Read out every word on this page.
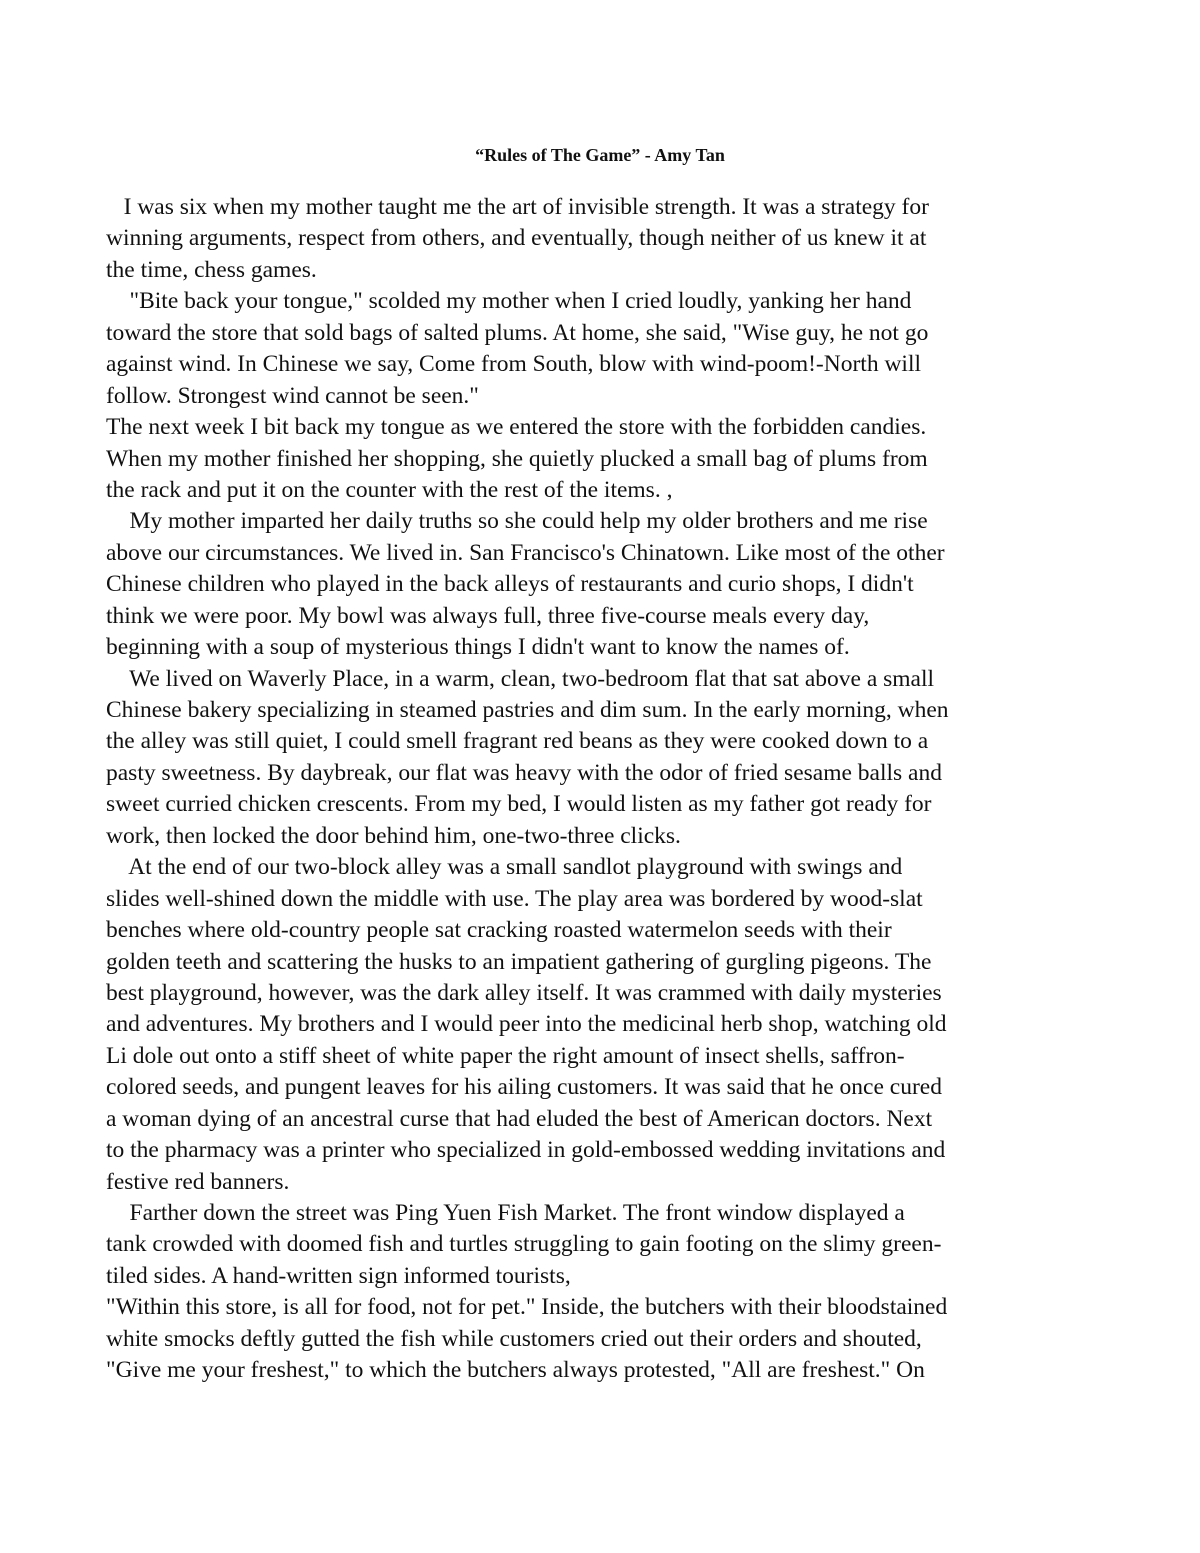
“Rules of The Game” - Amy Tan
I was six when my mother taught me the art of invisible strength. It was a strategy for
winning arguments, respect from others, and eventually, though neither of us knew it at
the time, chess games.
"Bite back your tongue," scolded my mother when I cried loudly, yanking her hand
toward the store that sold bags of salted plums. At home, she said, "Wise guy, he not go
against wind. In Chinese we say, Come from South, blow with wind-poom!-North will
follow. Strongest wind cannot be seen."
The next week I bit back my tongue as we entered the store with the forbidden candies.
When my mother finished her shopping, she quietly plucked a small bag of plums from
the rack and put it on the counter with the rest of the items. ,
My mother imparted her daily truths so she could help my older brothers and me rise
above our circumstances. We lived in. San Francisco's Chinatown. Like most of the other
Chinese children who played in the back alleys of restaurants and curio shops, I didn't
think we were poor. My bowl was always full, three five-course meals every day,
beginning with a soup of mysterious things I didn't want to know the names of.
We lived on Waverly Place, in a warm, clean, two-bedroom flat that sat above a small
Chinese bakery specializing in steamed pastries and dim sum. In the early morning, when
the alley was still quiet, I could smell fragrant red beans as they were cooked down to a
pasty sweetness. By daybreak, our flat was heavy with the odor of fried sesame balls and
sweet curried chicken crescents. From my bed, I would listen as my father got ready for
work, then locked the door behind him, one-two-three clicks.
At the end of our two-block alley was a small sandlot playground with swings and
slides well-shined down the middle with use. The play area was bordered by wood-slat
benches where old-country people sat cracking roasted watermelon seeds with their
golden teeth and scattering the husks to an impatient gathering of gurgling pigeons. The
best playground, however, was the dark alley itself. It was crammed with daily mysteries
and adventures. My brothers and I would peer into the medicinal herb shop, watching old
Li dole out onto a stiff sheet of white paper the right amount of insect shells, saffron-
colored seeds, and pungent leaves for his ailing customers. It was said that he once cured
a woman dying of an ancestral curse that had eluded the best of American doctors. Next
to the pharmacy was a printer who specialized in gold-embossed wedding invitations and
festive red banners.
Farther down the street was Ping Yuen Fish Market. The front window displayed a
tank crowded with doomed fish and turtles struggling to gain footing on the slimy green-
tiled sides. A hand-written sign informed tourists,
"Within this store, is all for food, not for pet." Inside, the butchers with their bloodstained
white smocks deftly gutted the fish while customers cried out their orders and shouted,
"Give me your freshest," to which the butchers always protested, "All are freshest." On
